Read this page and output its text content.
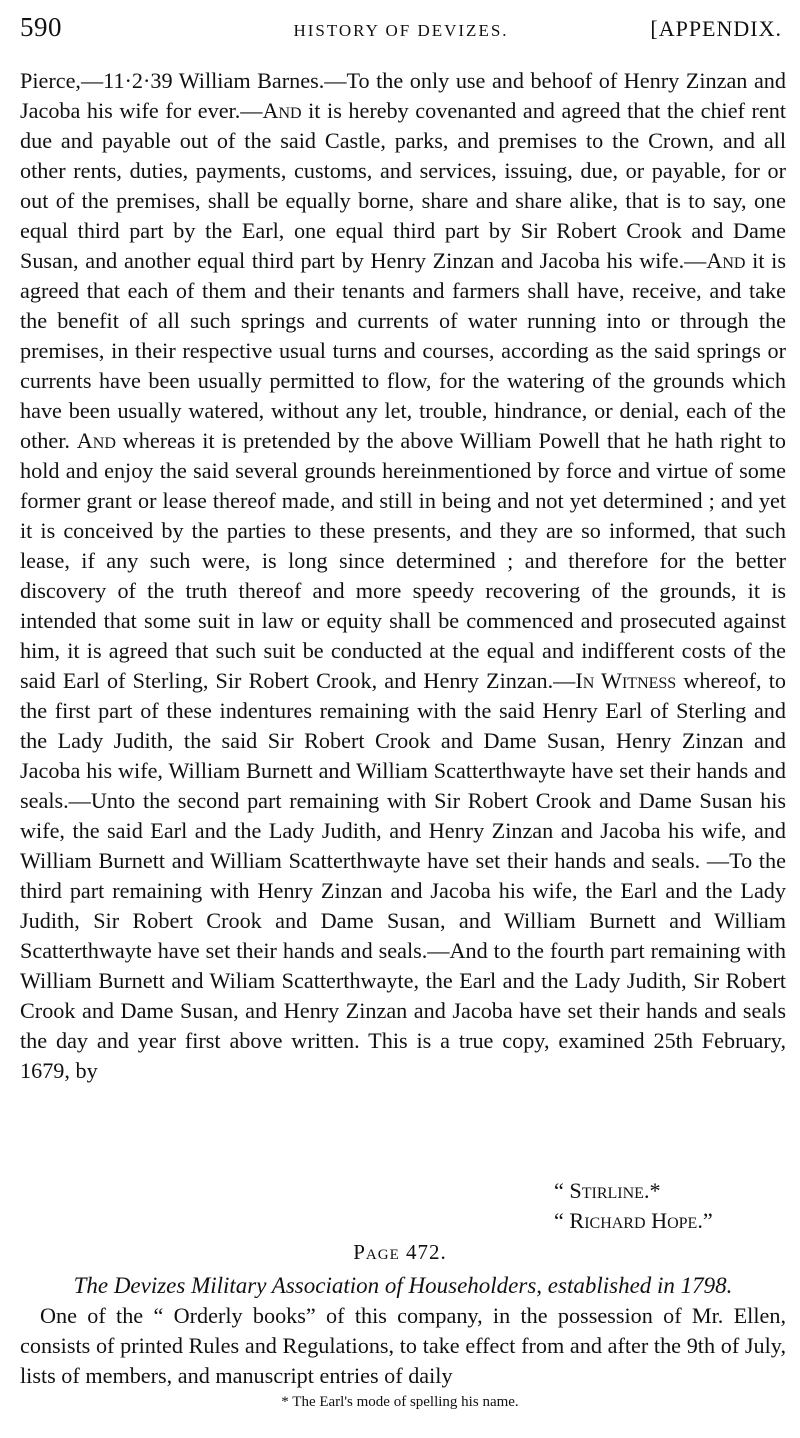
590	HISTORY OF DEVIZES.	[APPENDIX.

Pierce,—11·2·39 William Barnes.—To the only use and behoof of Henry Zinzan and Jacoba his wife for ever.—And it is hereby covenanted and agreed that the chief rent due and payable out of the said Castle, parks, and premises to the Crown, and all other rents, duties, payments, customs, and services, issuing, due, or payable, for or out of the premises, shall be equally borne, share and share alike, that is to say, one equal third part by the Earl, one equal third part by Sir Robert Crook and Dame Susan, and another equal third part by Henry Zinzan and Jacoba his wife.—And it is agreed that each of them and their tenants and farmers shall have, receive, and take the benefit of all such springs and currents of water running into or through the premises, in their respective usual turns and courses, according as the said springs or currents have been usually permitted to flow, for the watering of the grounds which have been usually watered, without any let, trouble, hindrance, or denial, each of the other. And whereas it is pretended by the above William Powell that he hath right to hold and enjoy the said several grounds hereinmentioned by force and virtue of some former grant or lease thereof made, and still in being and not yet determined ; and yet it is conceived by the parties to these presents, and they are so informed, that such lease, if any such were, is long since determined ; and therefore for the better discovery of the truth thereof and more speedy recovering of the grounds, it is intended that some suit in law or equity shall be commenced and prosecuted against him, it is agreed that such suit be conducted at the equal and indifferent costs of the said Earl of Sterling, Sir Robert Crook, and Henry Zinzan.—In Witness whereof, to the first part of these indentures remaining with the said Henry Earl of Sterling and the Lady Judith, the said Sir Robert Crook and Dame Susan, Henry Zinzan and Jacoba his wife, William Burnett and William Scatterthwayte have set their hands and seals.—Unto the second part remaining with Sir Robert Crook and Dame Susan his wife, the said Earl and the Lady Judith, and Henry Zinzan and Jacoba his wife, and William Burnett and William Scatterthwayte have set their hands and seals. —To the third part remaining with Henry Zinzan and Jacoba his wife, the Earl and the Lady Judith, Sir Robert Crook and Dame Susan, and William Burnett and William Scatterthwayte have set their hands and seals.—And to the fourth part remaining with William Burnett and Wiliam Scatterthwayte, the Earl and the Lady Judith, Sir Robert Crook and Dame Susan, and Henry Zinzan and Jacoba have set their hands and seals the day and year first above written. This is a true copy, examined 25th February, 1679, by

“ Stirline.*
“ Richard Hope.”
Page 472.
The Devizes Military Association of Householders, established in 1798.
One of the “ Orderly books” of this company, in the possession of Mr. Ellen, consists of printed Rules and Regulations, to take effect from and after the 9th of July, lists of members, and manuscript entries of daily
* The Earl's mode of spelling his name.
